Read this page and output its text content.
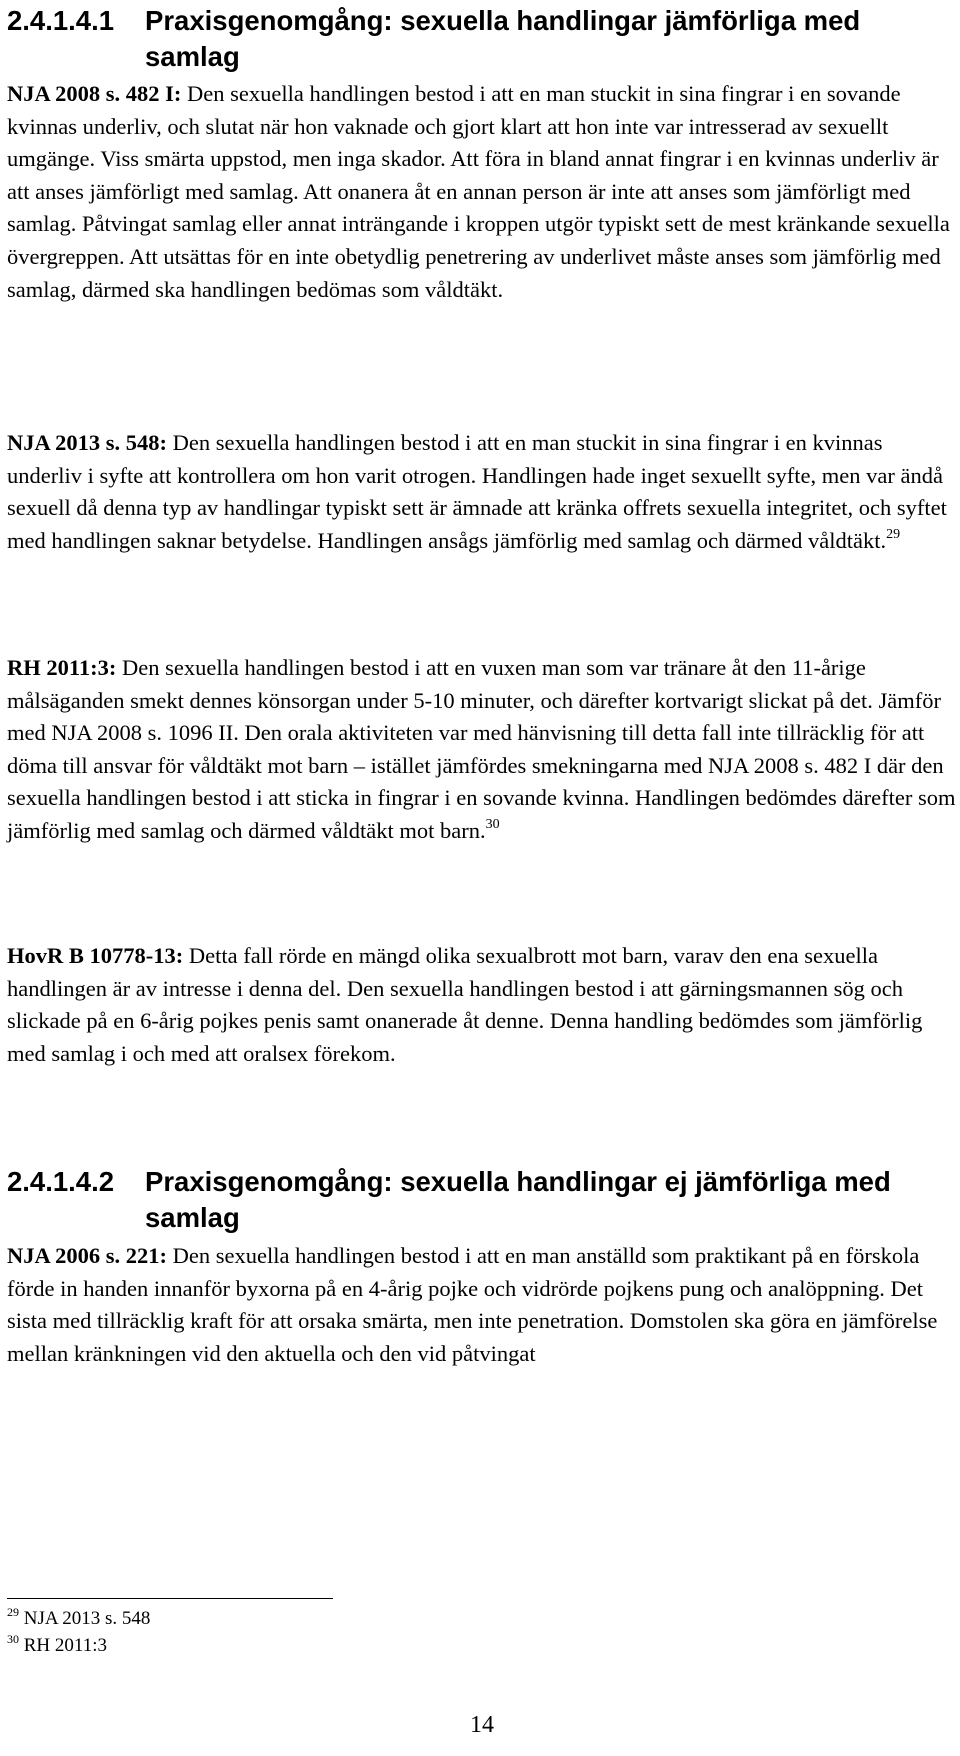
2.4.1.4.1 Praxisgenomgång: sexuella handlingar jämförliga med samlag

NJA 2008 s. 482 I: Den sexuella handlingen bestod i att en man stuckit in sina fingrar i en sovande kvinnas underliv, och slutat när hon vaknade och gjort klart att hon inte var intresserad av sexuellt umgänge. Viss smärta uppstod, men inga skador. Att föra in bland annat fingrar i en kvinnas underliv är att anses jämförligt med samlag. Att onanera åt en annan person är inte att anses som jämförligt med samlag. Påtvingat samlag eller annat inträngande i kroppen utgör typiskt sett de mest kränkande sexuella övergreppen. Att utsättas för en inte obetydlig penetrering av underlivet måste anses som jämförlig med samlag, därmed ska handlingen bedömas som våldtäkt.

NJA 2013 s. 548: Den sexuella handlingen bestod i att en man stuckit in sina fingrar i en kvinnas underliv i syfte att kontrollera om hon varit otrogen. Handlingen hade inget sexuellt syfte, men var ändå sexuell då denna typ av handlingar typiskt sett är ämnade att kränka offrets sexuella integritet, och syftet med handlingen saknar betydelse. Handlingen ansågs jämförlig med samlag och därmed våldtäkt.$^{29}$

RH 2011:3: Den sexuella handlingen bestod i att en vuxen man som var tränare åt den 11-årige målsäganden smekt dennes könsorgan under 5-10 minuter, och därefter kortvarigt slickat på det. Jämför med NJA 2008 s. 1096 II. Den orala aktiviteten var med hänvisning till detta fall inte tillräcklig för att döma till ansvar för våldtäkt mot barn – istället jämfördes smekningarna med NJA 2008 s. 482 I där den sexuella handlingen bestod i att sticka in fingrar i en sovande kvinna. Handlingen bedömdes därefter som jämförlig med samlag och därmed våldtäkt mot barn.$^{30}$

HovR B 10778-13: Detta fall rörde en mängd olika sexualbrott mot barn, varav den ena sexuella handlingen är av intresse i denna del. Den sexuella handlingen bestod i att gärningsmannen sög och slickade på en 6-årig pojkes penis samt onanerade åt denne. Denna handling bedömdes som jämförlig med samlag i och med att oralsex förekom.

2.4.1.4.2 Praxisgenomgång: sexuella handlingar ej jämförliga med samlag

NJA 2006 s. 221: Den sexuella handlingen bestod i att en man anställd som praktikant på en förskola förde in handen innanför byxorna på en 4-årig pojke och vidrörde pojkens pung och analöppning. Det sista med tillräcklig kraft för att orsaka smärta, men inte penetration. Domstolen ska göra en jämförelse mellan kränkningen vid den aktuella och den vid påtvingat

$^{29}$ NJA 2013 s. 548
$^{30}$ RH 2011:3
14
